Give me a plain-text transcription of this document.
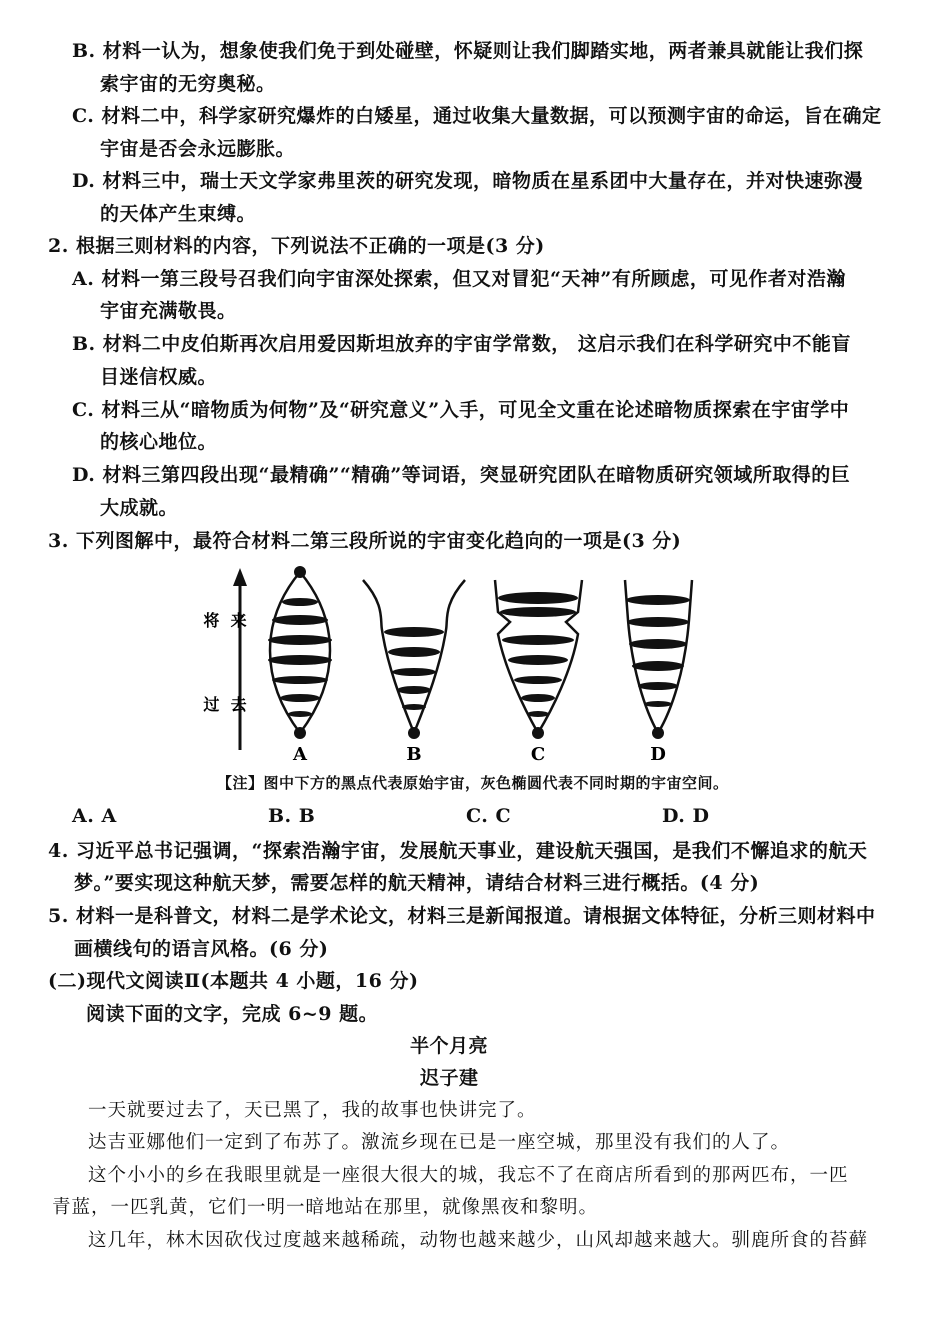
B. 材料一认为，想象使我们免于到处碰壁，怀疑则让我们脚踏实地，两者兼具就能让我们探
索宇宙的无穷奥秘。
C. 材料二中，科学家研究爆炸的白矮星，通过收集大量数据，可以预测宇宙的命运，旨在确定
宇宙是否会永远膨胀。
D. 材料三中，瑞士天文学家弗里茨的研究发现，暗物质在星系团中大量存在，并对快速弥漫
的天体产生束缚。
2. 根据三则材料的内容，下列说法不正确的一项是(3 分)
A. 材料一第三段号召我们向宇宙深处探索，但又对冒犯“天神”有所顾虑，可见作者对浩瀚
宇宙充满敬畏。
B. 材料二中皮伯斯再次启用爱因斯坦放弃的宇宙学常数， 这启示我们在科学研究中不能盲
目迷信权威。
C. 材料三从“暗物质为何物”及“研究意义”入手，可见全文重在论述暗物质探索在宇宙学中
的核心地位。
D. 材料三第四段出现“最精确”“精确”等词语，突显研究团队在暗物质研究领域所取得的巨
大成就。
3. 下列图解中，最符合材料二第三段所说的宇宙变化趋向的一项是(3 分)
将  来
过  去
A	B	C	D
【注】图中下方的黑点代表原始宇宙，灰色椭圆代表不同时期的宇宙空间。
A. A	B. B	C. C	D. D
4. 习近平总书记强调，“探索浩瀚宇宙，发展航天事业，建设航天强国，是我们不懈追求的航天
梦。”要实现这种航天梦，需要怎样的航天精神，请结合材料三进行概括。(4 分)
5. 材料一是科普文，材料二是学术论文，材料三是新闻报道。请根据文体特征，分析三则材料中
画横线句的语言风格。(6 分)
(二)现代文阅读Ⅱ(本题共 4 小题，16 分)
阅读下面的文字，完成 6~9 题。
半个月亮
迟子建
一天就要过去了，天已黑了，我的故事也快讲完了。
达吉亚娜他们一定到了布苏了。激流乡现在已是一座空城，那里没有我们的人了。
这个小小的乡在我眼里就是一座很大很大的城，我忘不了在商店所看到的那两匹布，一匹
青蓝，一匹乳黄，它们一明一暗地站在那里，就像黑夜和黎明。
这几年，林木因砍伐过度越来越稀疏，动物也越来越少，山风却越来越大。驯鹿所食的苔藓
